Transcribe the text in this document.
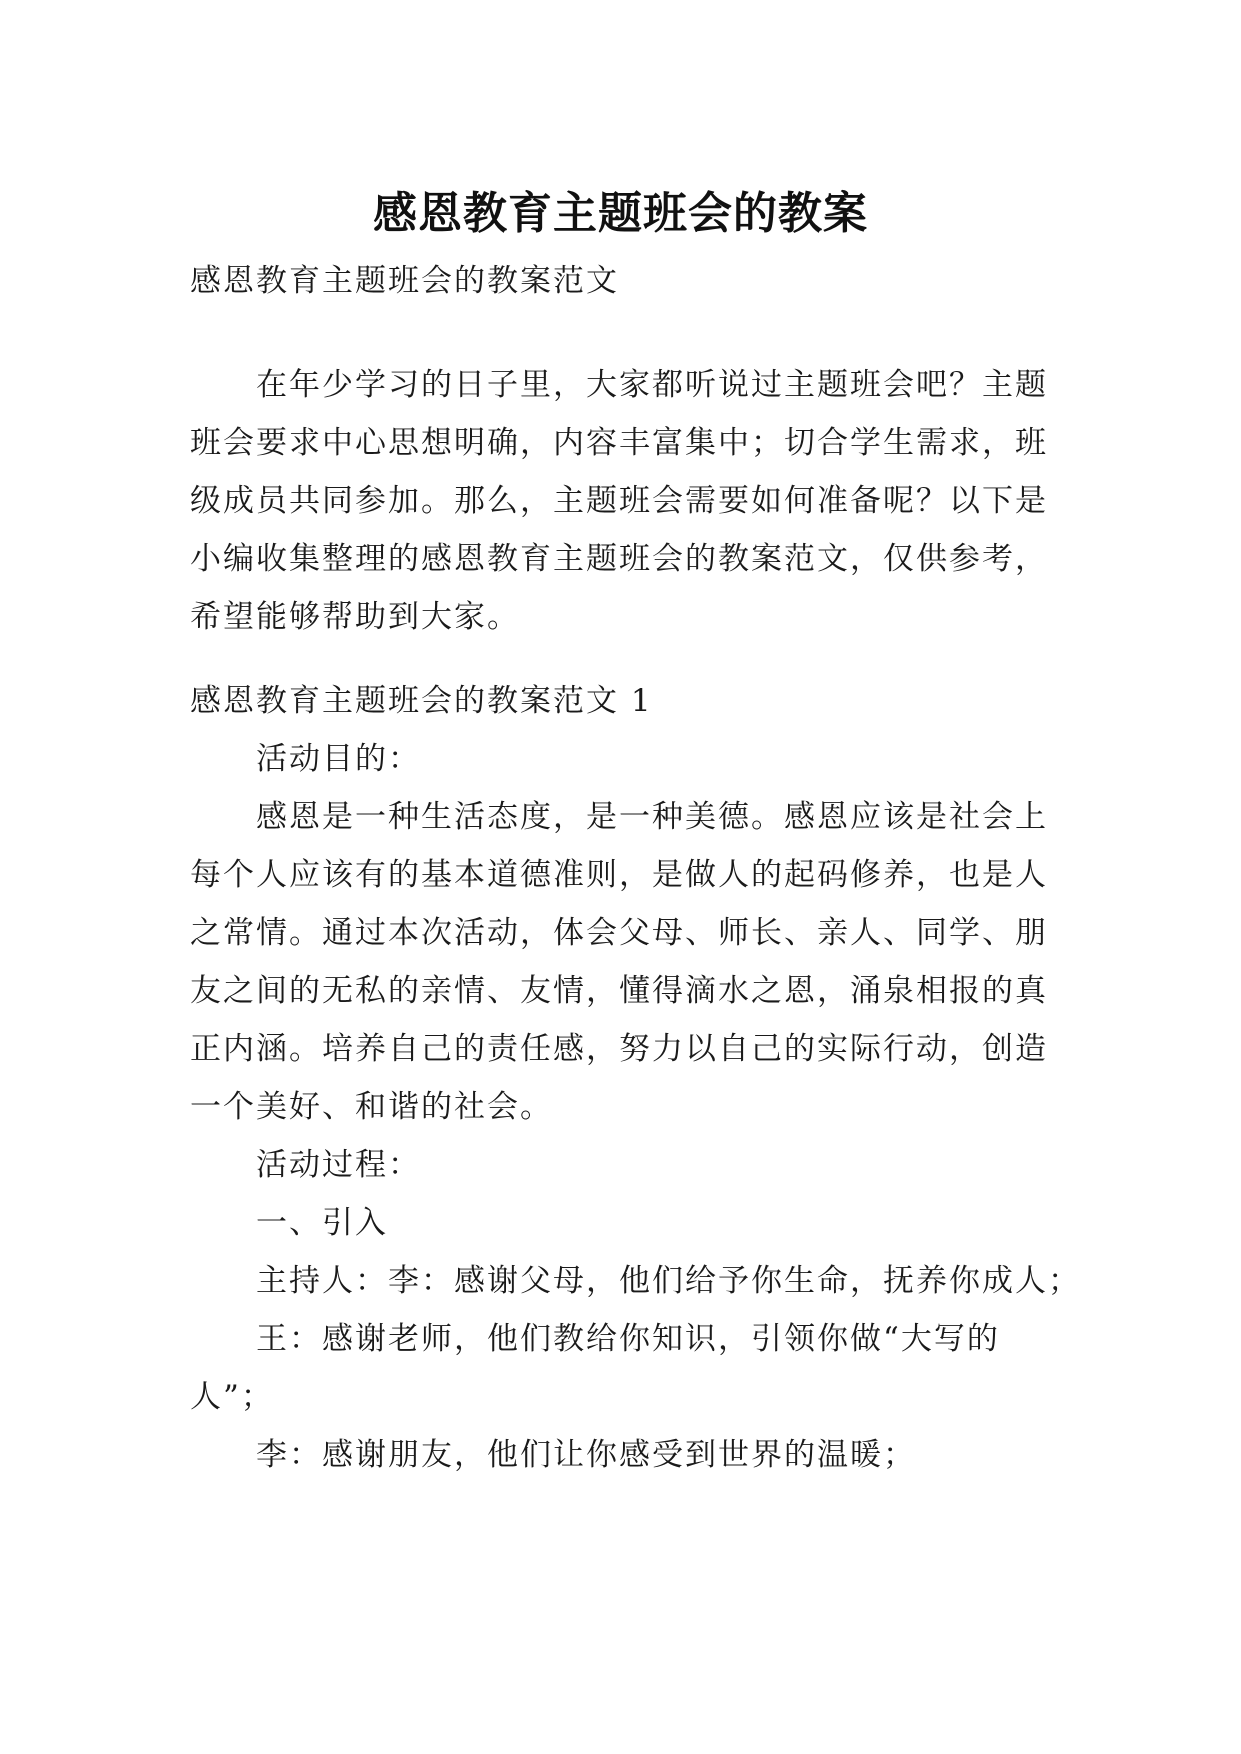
感恩教育主题班会的教案

感恩教育主题班会的教案范文

在年少学习的日子里，大家都听说过主题班会吧？主题
班会要求中心思想明确，内容丰富集中；切合学生需求，班
级成员共同参加。那么，主题班会需要如何准备呢？以下是
小编收集整理的感恩教育主题班会的教案范文，仅供参考，
希望能够帮助到大家。

感恩教育主题班会的教案范文 1

活动目的：

感恩是一种生活态度，是一种美德。感恩应该是社会上
每个人应该有的基本道德准则，是做人的起码修养，也是人
之常情。通过本次活动，体会父母、师长、亲人、同学、朋
友之间的无私的亲情、友情，懂得滴水之恩，涌泉相报的真
正内涵。培养自己的责任感，努力以自己的实际行动，创造
一个美好、和谐的社会。

活动过程：

一、引入

主持人：李：感谢父母，他们给予你生命，抚养你成人；

王：感谢老师，他们教给你知识，引领你做“大写的
人”；

李：感谢朋友，他们让你感受到世界的温暖；
